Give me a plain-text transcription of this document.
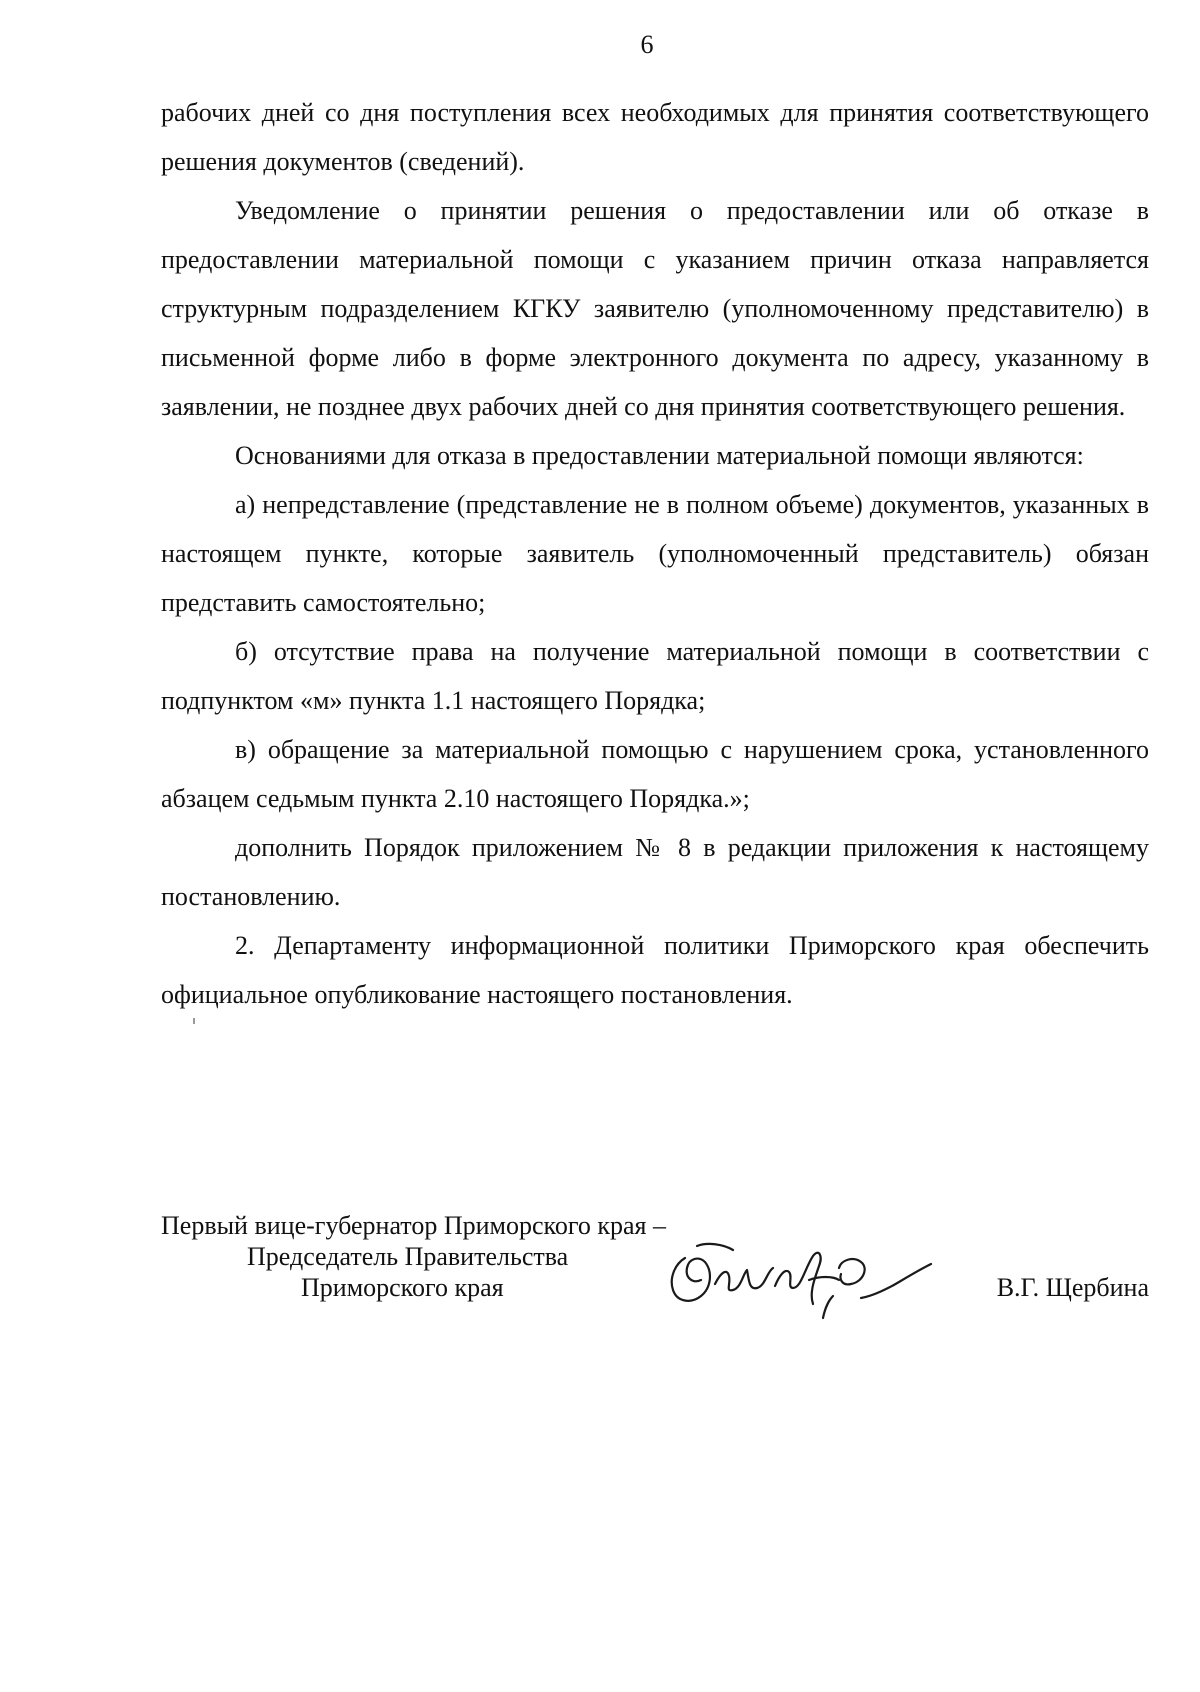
6

рабочих дней со дня поступления всех необходимых для принятия соответствующего решения документов (сведений).

Уведомление о принятии решения о предоставлении или об отказе в предоставлении материальной помощи с указанием причин отказа направляется структурным подразделением КГКУ заявителю (уполномоченному представителю) в письменной форме либо в форме электронного документа по адресу, указанному в заявлении, не позднее двух рабочих дней со дня принятия соответствующего решения.

Основаниями для отказа в предоставлении материальной помощи являются:

а) непредставление (представление не в полном объеме) документов, указанных в настоящем пункте, которые заявитель (уполномоченный представитель) обязан представить самостоятельно;

б) отсутствие права на получение материальной помощи в соответствии с подпунктом «м» пункта 1.1 настоящего Порядка;

в) обращение за материальной помощью с нарушением срока, установленного абзацем седьмым пункта 2.10 настоящего Порядка.»;

дополнить Порядок приложением № 8 в редакции приложения к настоящему постановлению.

2. Департаменту информационной политики Приморского края обеспечить официальное опубликование настоящего постановления.

Первый вице-губернатор Приморского края –
Председатель Правительства
Приморского края	В.Г. Щербина
